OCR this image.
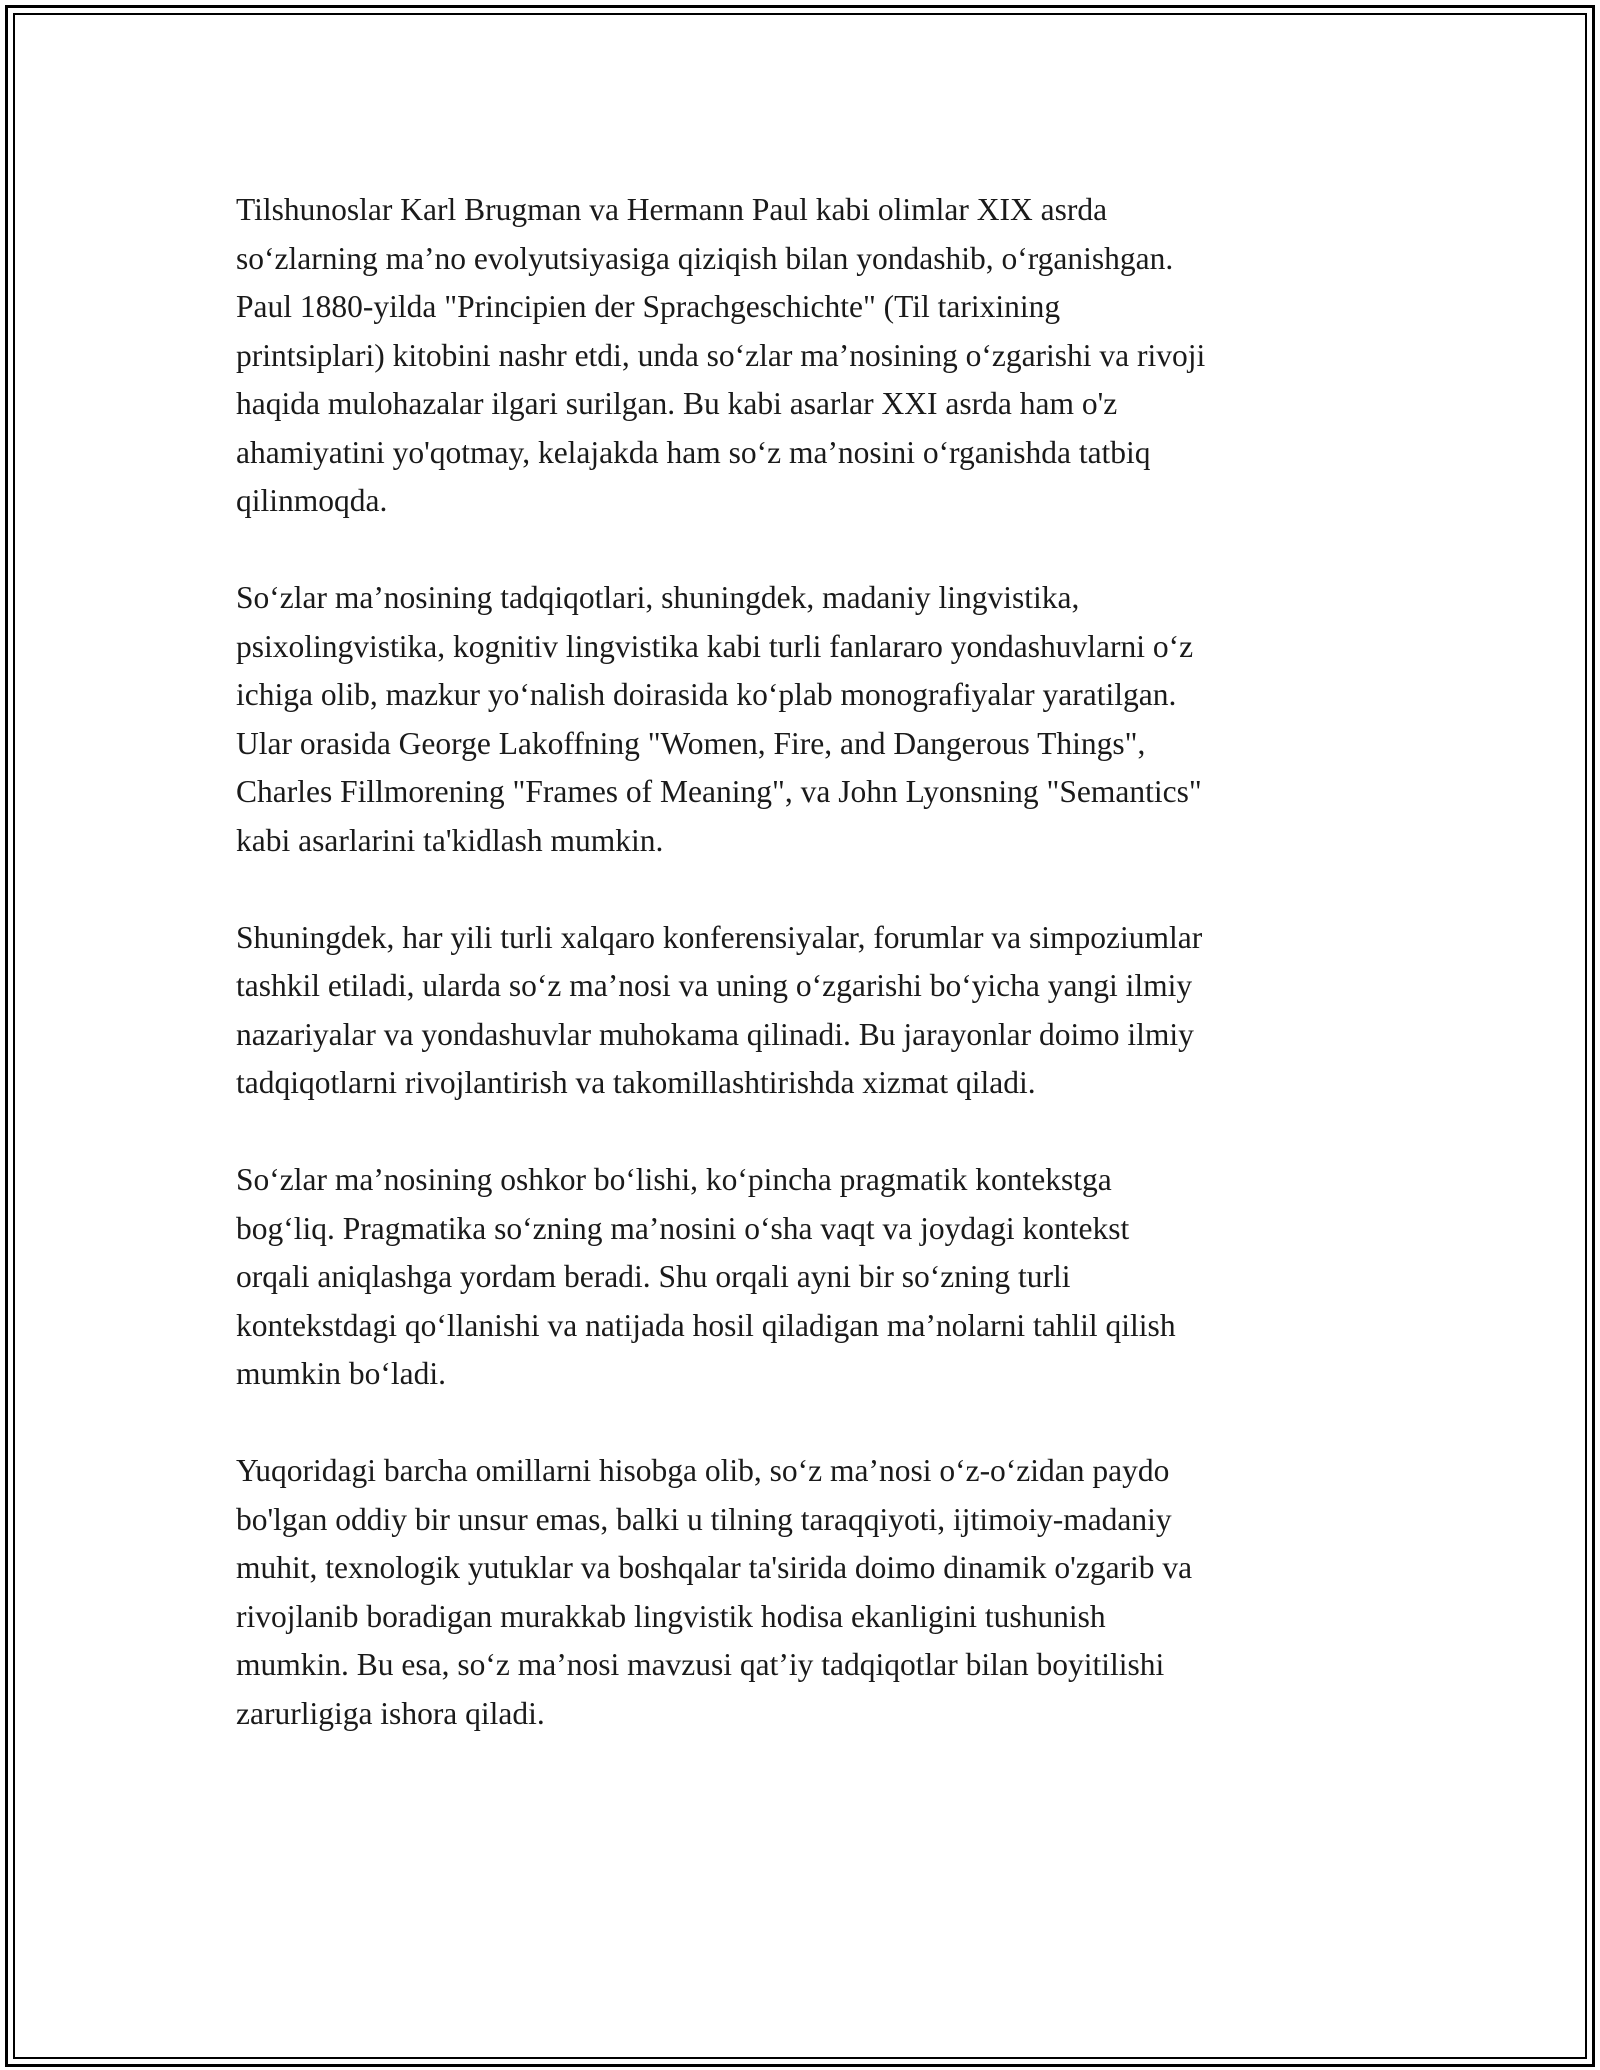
Tilshunoslar Karl Brugman va Hermann Paul kabi olimlar XIX asrda
so‘zlarning ma’no evolyutsiyasiga qiziqish bilan yondashib, o‘rganishgan.
Paul 1880-yilda "Principien der Sprachgeschichte" (Til tarixining
printsiplari) kitobini nashr etdi, unda so‘zlar ma’nosining o‘zgarishi va rivoji
haqida mulohazalar ilgari surilgan. Bu kabi asarlar XXI asrda ham o'z
ahamiyatini yo'qotmay, kelajakda ham so‘z ma’nosini o‘rganishda tatbiq
qilinmoqda.

So‘zlar ma’nosining tadqiqotlari, shuningdek, madaniy lingvistika,
psixolingvistika, kognitiv lingvistika kabi turli fanlararo yondashuvlarni o‘z
ichiga olib, mazkur yo‘nalish doirasida ko‘plab monografiyalar yaratilgan.
Ular orasida George Lakoffning "Women, Fire, and Dangerous Things",
Charles Fillmorening "Frames of Meaning", va John Lyonsning "Semantics"
kabi asarlarini ta'kidlash mumkin.

Shuningdek, har yili turli xalqaro konferensiyalar, forumlar va simpoziumlar
tashkil etiladi, ularda so‘z ma’nosi va uning o‘zgarishi bo‘yicha yangi ilmiy
nazariyalar va yondashuvlar muhokama qilinadi. Bu jarayonlar doimo ilmiy
tadqiqotlarni rivojlantirish va takomillashtirishda xizmat qiladi.

So‘zlar ma’nosining oshkor bo‘lishi, ko‘pincha pragmatik kontekstga
bog‘liq. Pragmatika so‘zning ma’nosini o‘sha vaqt va joydagi kontekst
orqali aniqlashga yordam beradi. Shu orqali ayni bir so‘zning turli
kontekstdagi qo‘llanishi va natijada hosil qiladigan ma’nolarni tahlil qilish
mumkin bo‘ladi.

Yuqoridagi barcha omillarni hisobga olib, so‘z ma’nosi o‘z-o‘zidan paydo
bo'lgan oddiy bir unsur emas, balki u tilning taraqqiyoti, ijtimoiy-madaniy
muhit, texnologik yutuklar va boshqalar ta'sirida doimo dinamik o'zgarib va
rivojlanib boradigan murakkab lingvistik hodisa ekanligini tushunish
mumkin. Bu esa, so‘z ma’nosi mavzusi qat’iy tadqiqotlar bilan boyitilishi
zarurligiga ishora qiladi.
